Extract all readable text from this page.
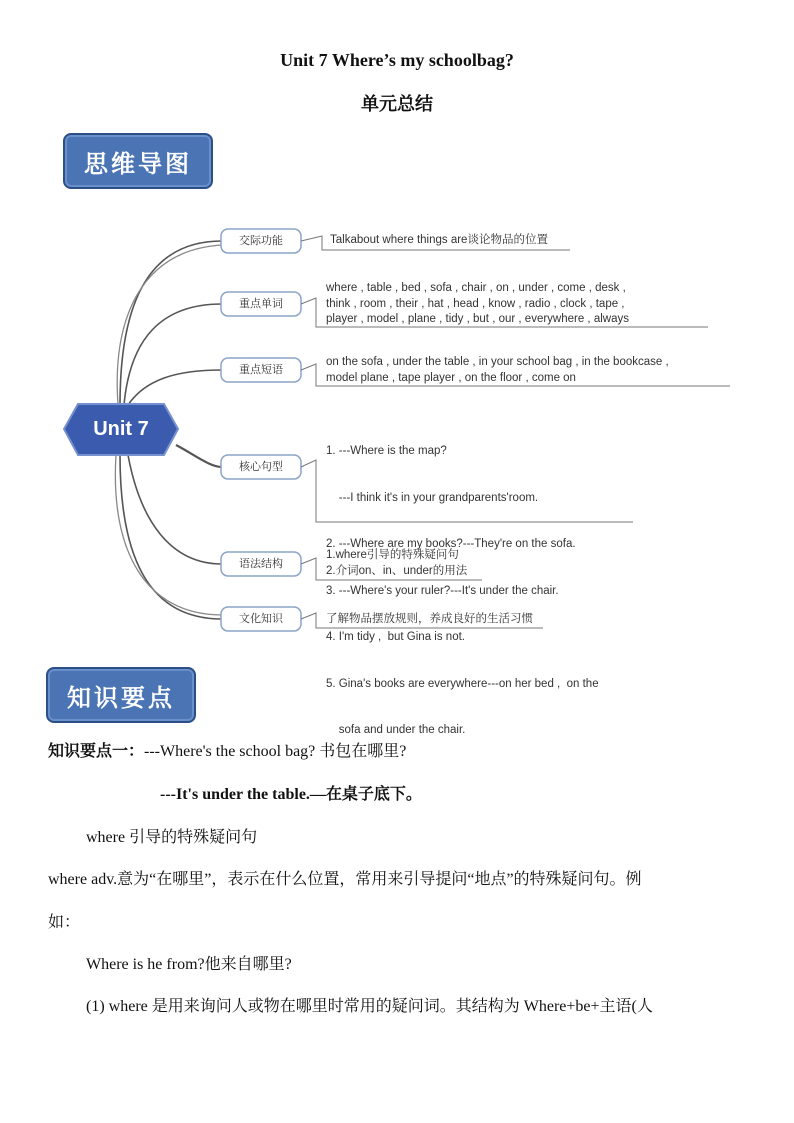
Unit 7 Where’s my schoolbag?
单元总结
思维导图
Unit 7
交际功能
重点单词
重点短语
核心句型
语法结构
文化知识
Talkabout where things are谈论物品的位置
where , table , bed , sofa , chair , on , under , come , desk ,
think , room , their , hat , head , know , radio , clock , tape ,
player , model , plane , tidy , but , our , everywhere , always
on the sofa , under the table , in your school bag , in the bookcase ,
model plane , tape player , on the floor , come on

1. ---Where is the map?

---I think it's in your grandparents'room.

2. ---Where are my books?---They're on the sofa.

3. ---Where's your ruler?---It's under the chair.

4. I'm tidy ,  but Gina is not.

5. Gina's books are everywhere---on her bed ,  on the

sofa and under the chair.

1.where引导的特殊疑问句
2.介词on、in、under的用法
了解物品摆放规则，养成良好的生活习惯
知识要点
知识要点一：---Where's the school bag? 书包在哪里?
---It's under the table.—在桌子底下。
where 引导的特殊疑问句
where adv.意为“在哪里”，表示在什么位置，常用来引导提问“地点”的特殊疑问句。例
如：
Where is he from?他来自哪里?
(1) where 是用来询问人或物在哪里时常用的疑问词。其结构为 Where+be+主语(人
